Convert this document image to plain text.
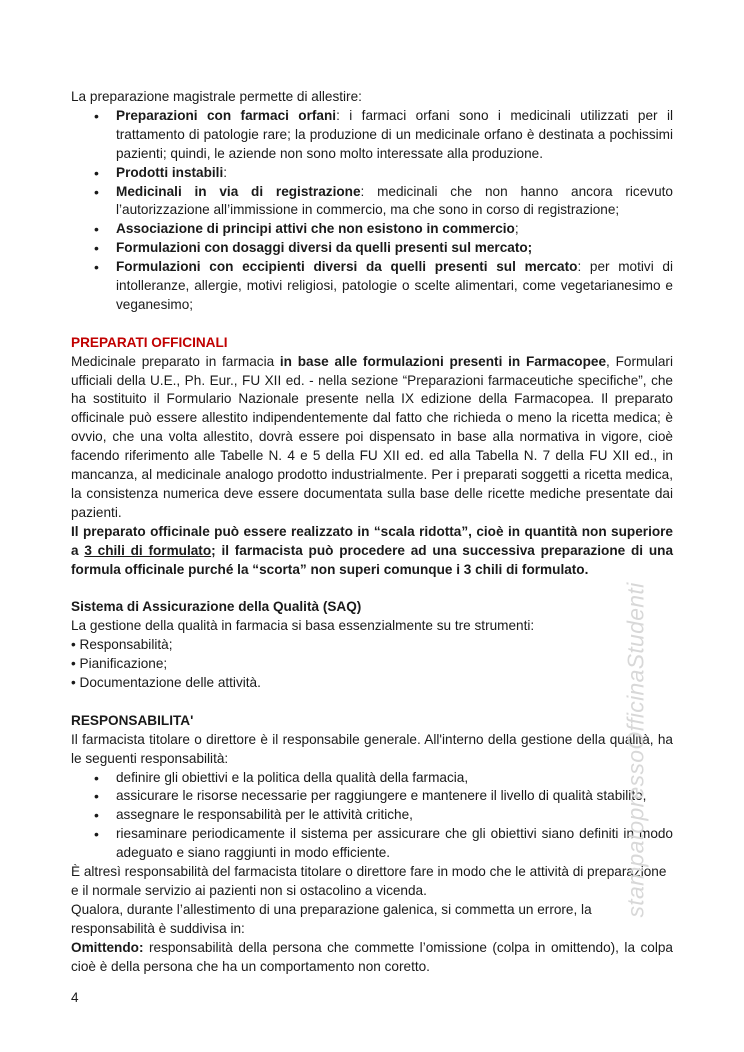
La preparazione magistrale permette di allestire:

• Preparazioni con farmaci orfani: i farmaci orfani sono i medicinali utilizzati per il trattamento di patologie rare; la produzione di un medicinale orfano è destinata a pochissimi pazienti; quindi, le aziende non sono molto interessate alla produzione.
• Prodotti instabili:
• Medicinali in via di registrazione: medicinali che non hanno ancora ricevuto l’autorizzazione all’immissione in commercio, ma che sono in corso di registrazione;
• Associazione di principi attivi che non esistono in commercio;
• Formulazioni con dosaggi diversi da quelli presenti sul mercato;
• Formulazioni con eccipienti diversi da quelli presenti sul mercato: per motivi di intolleranze, allergie, motivi religiosi, patologie o scelte alimentari, come vegetarianesimo e veganesimo;

PREPARATI OFFICINALI

Medicinale preparato in farmacia in base alle formulazioni presenti in Farmacopee, Formulari ufficiali della U.E., Ph. Eur., FU XII ed. - nella sezione “Preparazioni farmaceutiche specifiche”, che ha sostituito il Formulario Nazionale presente nella IX edizione della Farmacopea. Il preparato officinale può essere allestito indipendentemente dal fatto che richieda o meno la ricetta medica; è ovvio, che una volta allestito, dovrà essere poi dispensato in base alla normativa in vigore, cioè facendo riferimento alle Tabelle N. 4 e 5 della FU XII ed. ed alla Tabella N. 7 della FU XII ed., in mancanza, al medicinale analogo prodotto industrialmente. Per i preparati soggetti a ricetta medica, la consistenza numerica deve essere documentata sulla base delle ricette mediche presentate dai pazienti.

Il preparato officinale può essere realizzato in “scala ridotta”, cioè in quantità non superiore a 3 chili di formulato; il farmacista può procedere ad una successiva preparazione di una formula officinale purché la “scorta” non superi comunque i 3 chili di formulato.

Sistema di Assicurazione della Qualità (SAQ)

La gestione della qualità in farmacia si basa essenzialmente su tre strumenti:

• Responsabilità;
• Pianificazione;
• Documentazione delle attività.

RESPONSABILITA'

Il farmacista titolare o direttore è il responsabile generale. All'interno della gestione della qualità, ha le seguenti responsabilità:

• definire gli obiettivi e la politica della qualità della farmacia,
• assicurare le risorse necessarie per raggiungere e mantenere il livello di qualità stabilito,
• assegnare le responsabilità per le attività critiche,
• riesaminare periodicamente il sistema per assicurare che gli obiettivi siano definiti in modo adeguato e siano raggiunti in modo efficiente.

È altresì responsabilità del farmacista titolare o direttore fare in modo che le attività di preparazione e il normale servizio ai pazienti non si ostacolino a vicenda.

Qualora, durante l’allestimento di una preparazione galenica, si commetta un errore, la responsabilità è suddivisa in:

Omittendo: responsabilità della persona che commette l’omissione (colpa in omittendo), la colpa cioè è della persona che ha un comportamento non coretto.

4
stampatopressoOfficinaStudenti
